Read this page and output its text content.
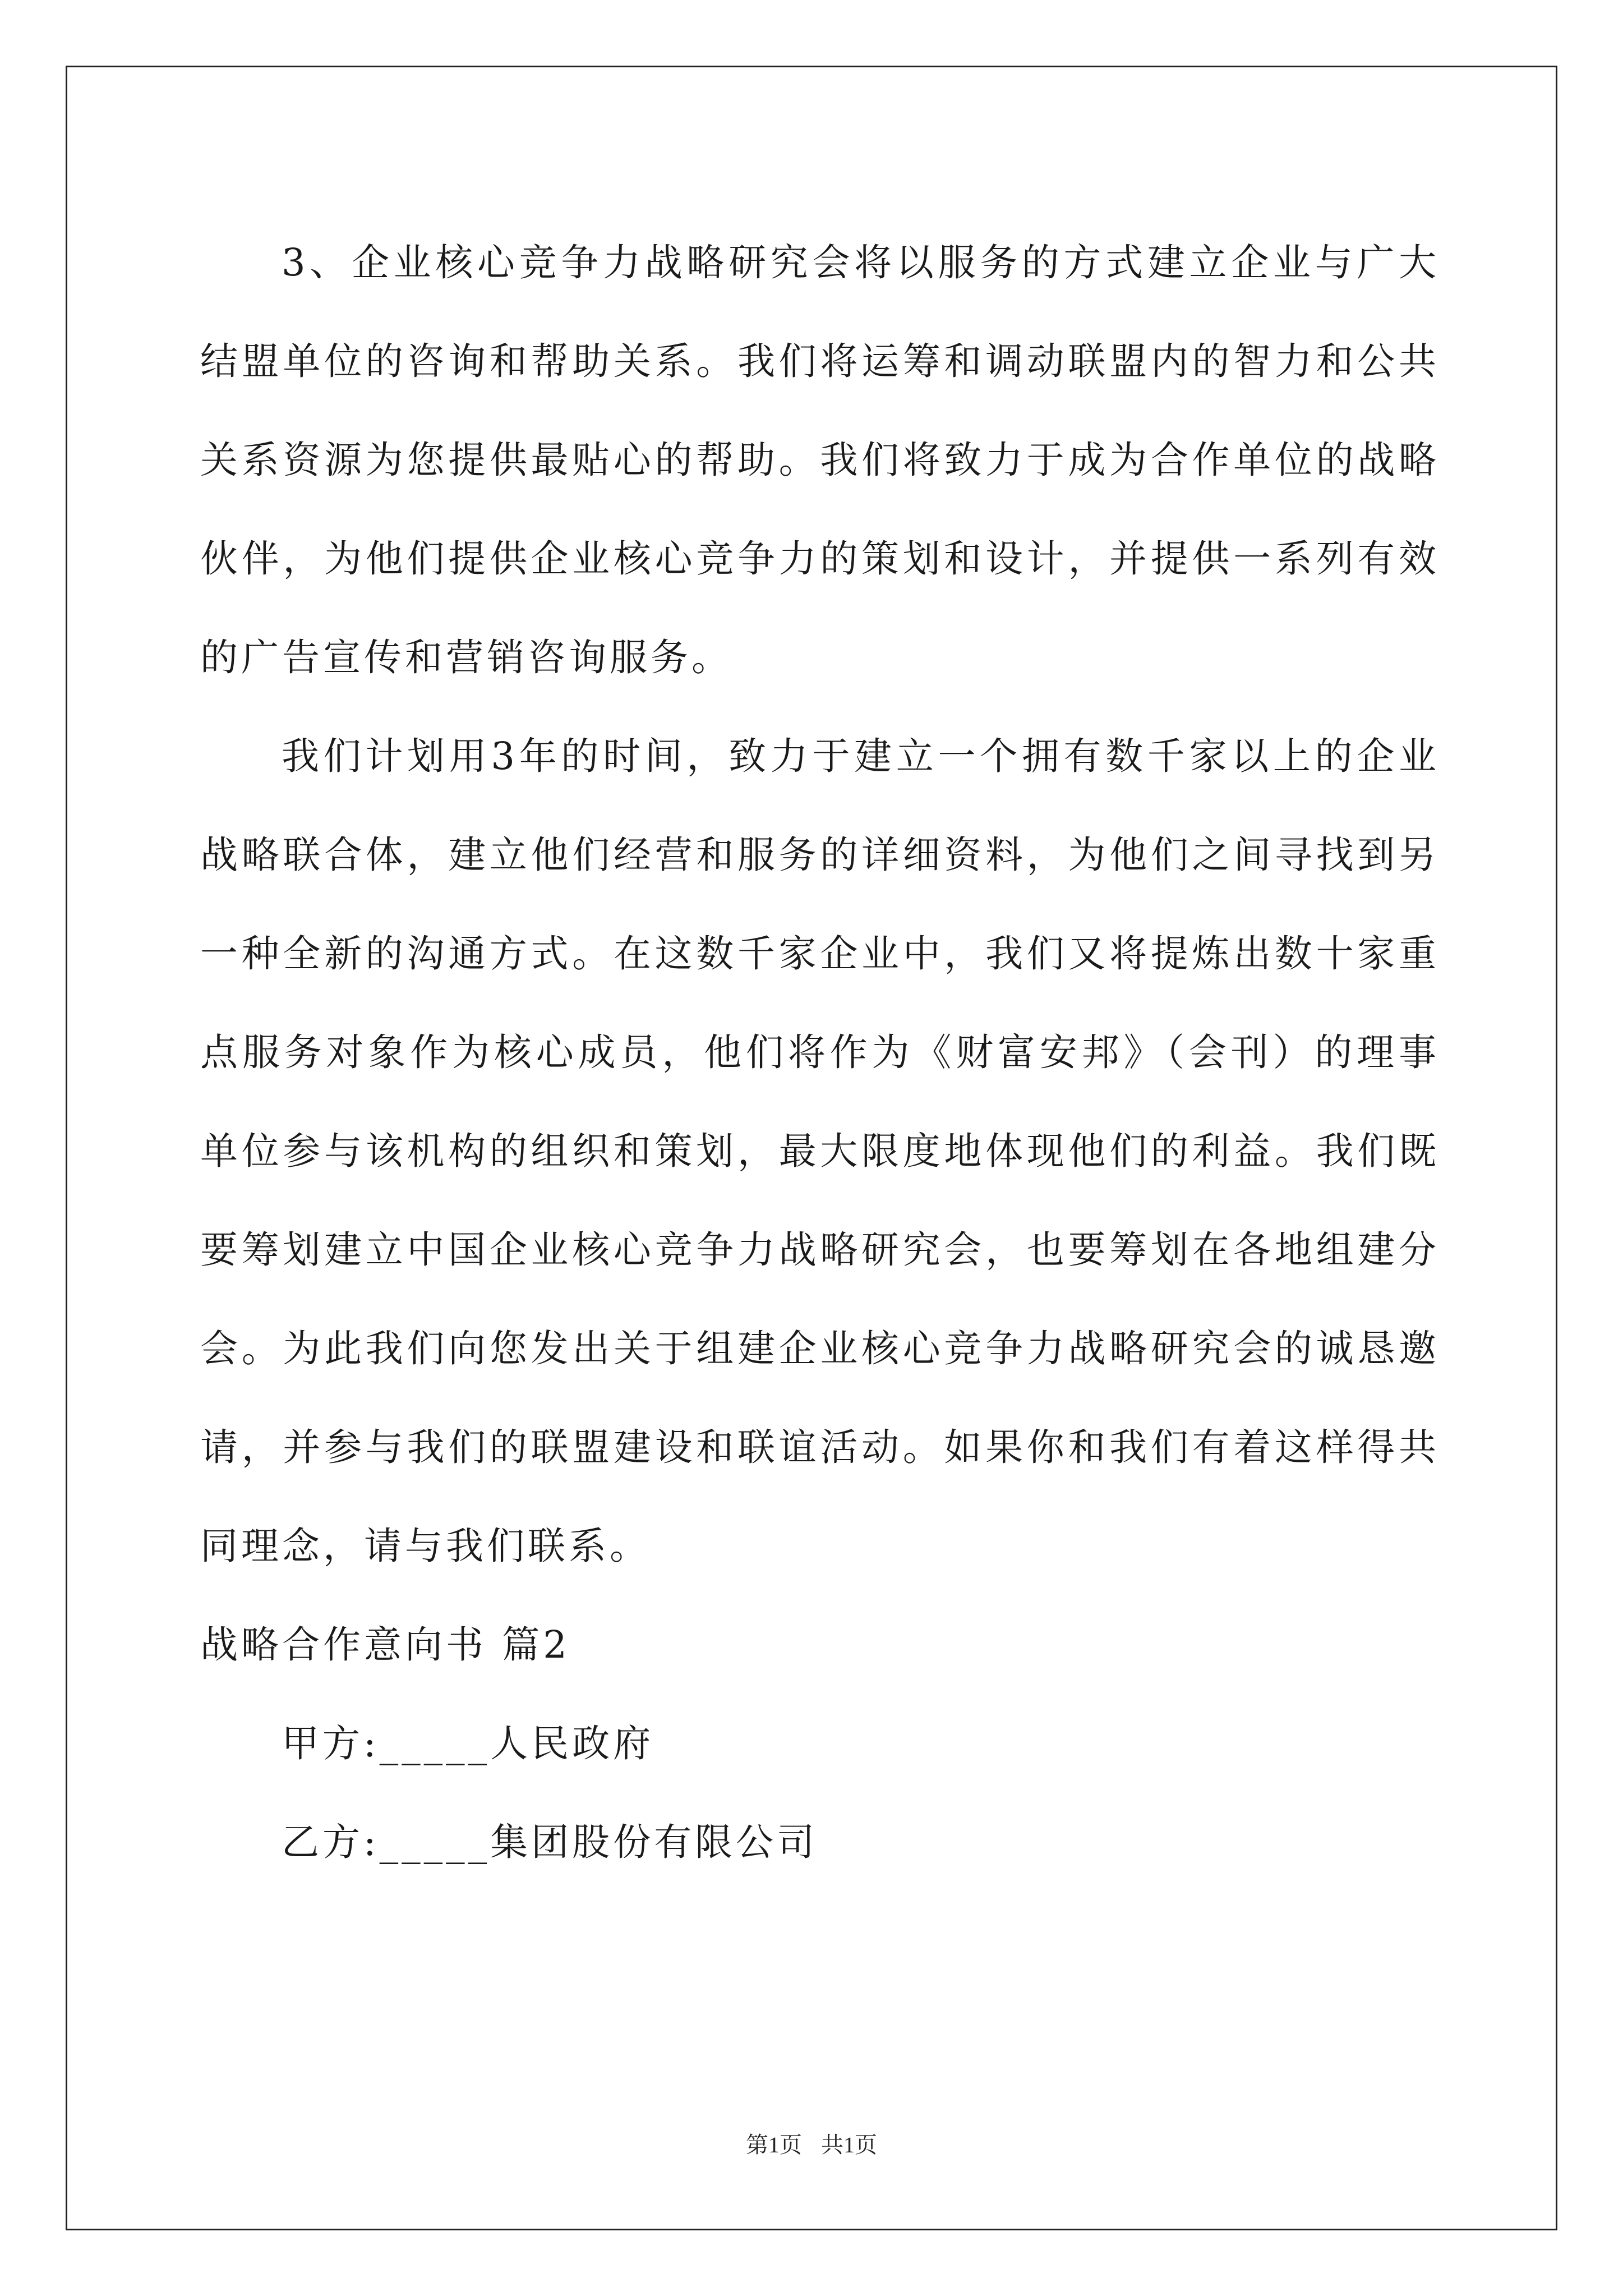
3、企业核心竞争力战略研究会将以服务的方式建立企业与广大结盟单位的咨询和帮助关系。我们将运筹和调动联盟内的智力和公共关系资源为您提供最贴心的帮助。我们将致力于成为合作单位的战略伙伴，为他们提供企业核心竞争力的策划和设计，并提供一系列有效的广告宣传和营销咨询服务。

我们计划用3年的时间，致力于建立一个拥有数千家以上的企业战略联合体，建立他们经营和服务的详细资料，为他们之间寻找到另一种全新的沟通方式。在这数千家企业中，我们又将提炼出数十家重点服务对象作为核心成员，他们将作为《财富安邦》（会刊）的理事单位参与该机构的组织和策划，最大限度地体现他们的利益。我们既要筹划建立中国企业核心竞争力战略研究会，也要筹划在各地组建分会。为此我们向您发出关于组建企业核心竞争力战略研究会的诚恳邀请，并参与我们的联盟建设和联谊活动。如果你和我们有着这样得共同理念，请与我们联系。

战略合作意向书 篇2

甲方:_____人民政府

乙方:_____集团股份有限公司

第1页 共1页
